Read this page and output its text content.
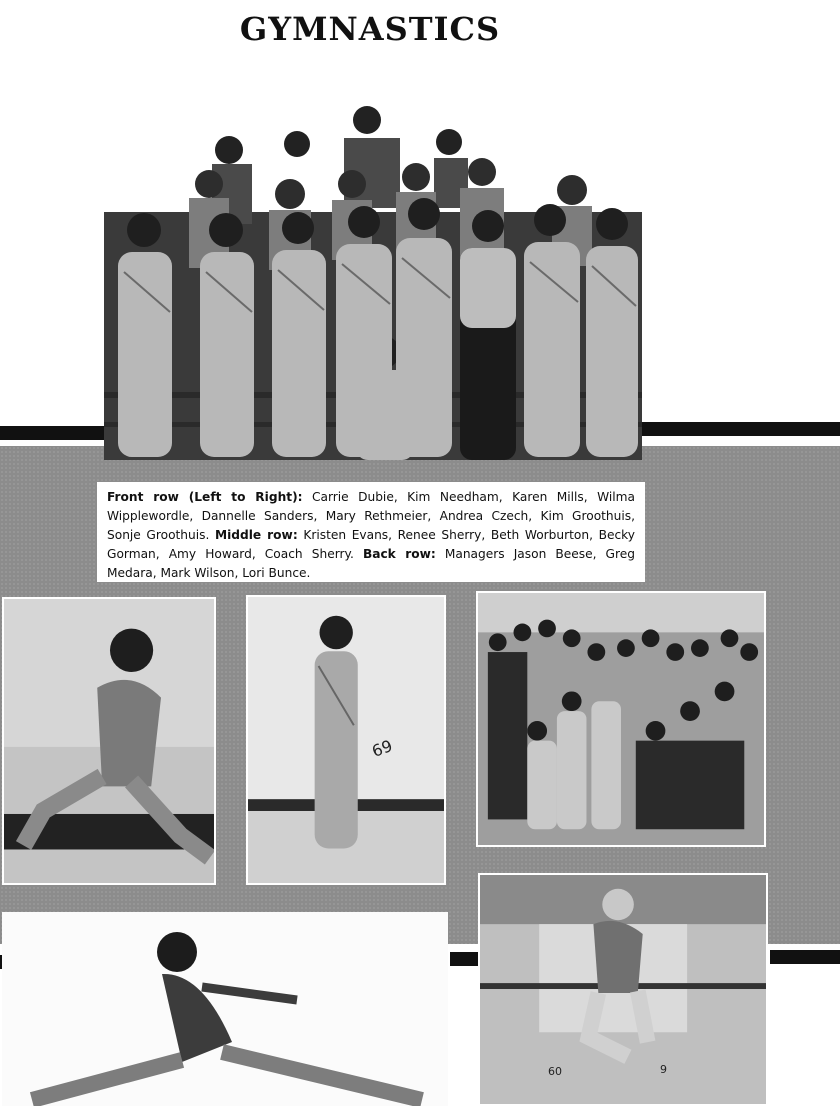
GYMNASTICS
Front row (Left to Right): Carrie Dubie, Kim Needham, Karen Mills, Wilma Wipplewordle, Dannelle Sanders, Mary Rethmeier, Andrea Czech, Kim Groothuis, Sonje Groothuis. Middle row: Kristen Evans, Renee Sherry, Beth Worburton, Becky Gorman, Amy Howard, Coach Sherry. Back row: Managers Jason Beese, Greg Medara, Mark Wilson, Lori Bunce.
69
60	9
